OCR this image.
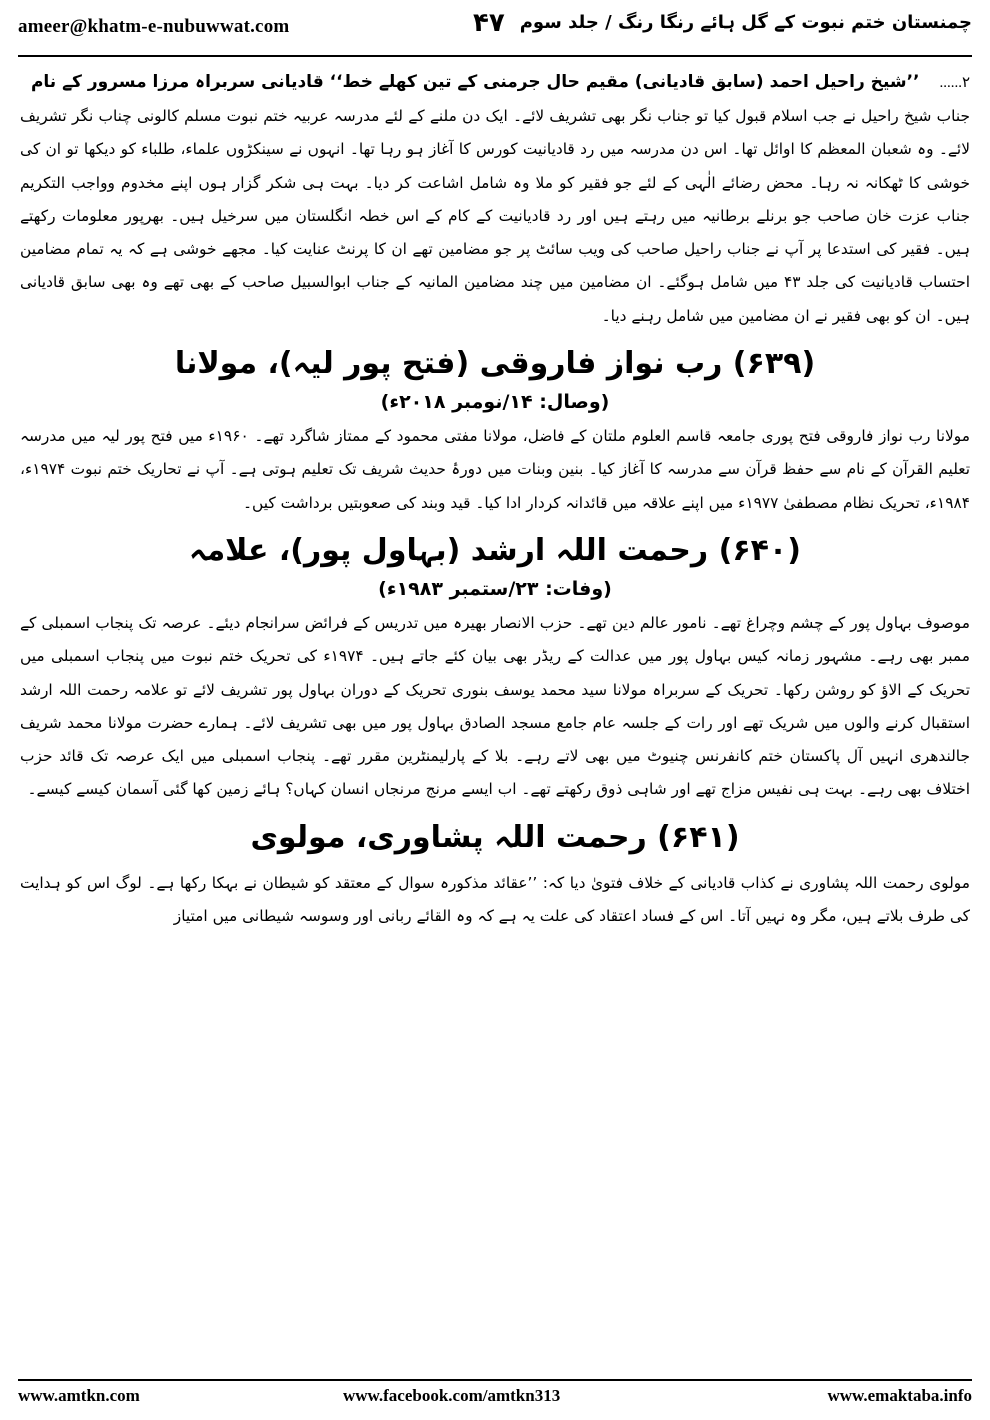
ameer@khatm-e-nubuwwat.com	۴۷ چمنستان ختم نبوت کے گل ہائے رنگا رنگ / جلد سوم
۲...... ’’شیخ راحیل احمد (سابق قادیانی) مقیم حال جرمنی کے تین کھلے خط‘‘ قادیانی سربراہ مرزا مسرور کے نام

جناب شیخ راحیل نے جب اسلام قبول کیا تو جناب نگر بھی تشریف لائے۔ ایک دن ملنے کے لئے مدرسہ عربیہ ختم نبوت مسلم کالونی چناب نگر تشریف لائے۔ وہ شعبان المعظم کا اوائل تھا۔ اس دن مدرسہ میں رد قادیانیت کورس کا آغاز ہو رہا تھا۔ انہوں نے سینکڑوں علماء، طلباء کو دیکھا تو ان کی خوشی کا ٹھکانہ نہ رہا۔ محض رضائے الٰہی کے لئے جو فقیر کو ملا وہ شامل اشاعت کر دیا۔ بہت ہی شکر گزار ہوں اپنے مخدوم وواجب التکریم جناب عزت خان صاحب جو برنلے برطانیہ میں رہتے ہیں اور رد قادیانیت کے کام کے اس خطہ انگلستان میں سرخیل ہیں۔ بھرپور معلومات رکھتے ہیں۔ فقیر کی استدعا پر آپ نے جناب راحیل صاحب کی ویب سائٹ پر جو مضامین تھے ان کا پرنٹ عنایت کیا۔ مجھے خوشی ہے کہ یہ تمام مضامین احتساب قادیانیت کی جلد ۴۳ میں شامل ہوگئے۔ ان مضامین میں چند مضامین المانیہ کے جناب ابوالسبیل صاحب کے بھی تھے وہ بھی سابق قادیانی ہیں۔ ان کو بھی فقیر نے ان مضامین میں شامل رہنے دیا۔

(۶۳۹) رب نواز فاروقی (فتح پور لیہ)، مولانا
(وصال: ۱۴/نومبر ۲۰۱۸ء)

مولانا رب نواز فاروقی فتح پوری جامعہ قاسم العلوم ملتان کے فاضل، مولانا مفتی محمود کے ممتاز شاگرد تھے۔ ۱۹۶۰ء میں فتح پور لیہ میں مدرسہ تعلیم القرآن کے نام سے حفظ قرآن سے مدرسہ کا آغاز کیا۔ بنین وبنات میں دورۂ حدیث شریف تک تعلیم ہوتی ہے۔ آپ نے تحاریک ختم نبوت ۱۹۷۴ء، ۱۹۸۴ء، تحریک نظام مصطفیٰ ۱۹۷۷ء میں اپنے علاقہ میں قائدانہ کردار ادا کیا۔ قید وبند کی صعوبتیں برداشت کیں۔

(۶۴۰) رحمت اللہ ارشد (بہاول پور)، علامہ
(وفات: ۲۳/ستمبر ۱۹۸۳ء)

موصوف بہاول پور کے چشم وچراغ تھے۔ نامور عالم دین تھے۔ حزب الانصار بھیرہ میں تدریس کے فرائض سرانجام دیئے۔ عرصہ تک پنجاب اسمبلی کے ممبر بھی رہے۔ مشہور زمانہ کیس بہاول پور میں عدالت کے ریڈر بھی بیان کئے جاتے ہیں۔ ۱۹۷۴ء کی تحریک ختم نبوت میں پنجاب اسمبلی میں تحریک کے الاؤ کو روشن رکھا۔ تحریک کے سربراہ مولانا سید محمد یوسف بنوری تحریک کے دوران بہاول پور تشریف لائے تو علامہ رحمت اللہ ارشد استقبال کرنے والوں میں شریک تھے اور رات کے جلسہ عام جامع مسجد الصادق بہاول پور میں بھی تشریف لائے۔ ہمارے حضرت مولانا محمد شریف جالندھری انہیں آل پاکستان ختم کانفرنس چنیوٹ میں بھی لاتے رہے۔ بلا کے پارلیمنٹرین مقرر تھے۔ پنجاب اسمبلی میں ایک عرصہ تک قائد حزب اختلاف بھی رہے۔ بہت ہی نفیس مزاج تھے اور شاہی ذوق رکھتے تھے۔ اب ایسے مرنج مرنجاں انسان کہاں؟ ہائے زمین کھا گئی آسمان کیسے کیسے۔

(۶۴۱) رحمت اللہ پشاوری، مولوی

مولوی رحمت اللہ پشاوری نے کذاب قادیانی کے خلاف فتویٰ دیا کہ: ’’عقائد مذکورہ سوال کے معتقد کو شیطان نے بہکا رکھا ہے۔ لوگ اس کو ہدایت کی طرف بلاتے ہیں، مگر وہ نہیں آتا۔ اس کے فساد اعتقاد کی علت یہ ہے کہ وہ القائے ربانی اور وسوسہ شیطانی میں امتیاز

www.amtkn.com	www.facebook.com/amtkn313	www.emaktaba.info
